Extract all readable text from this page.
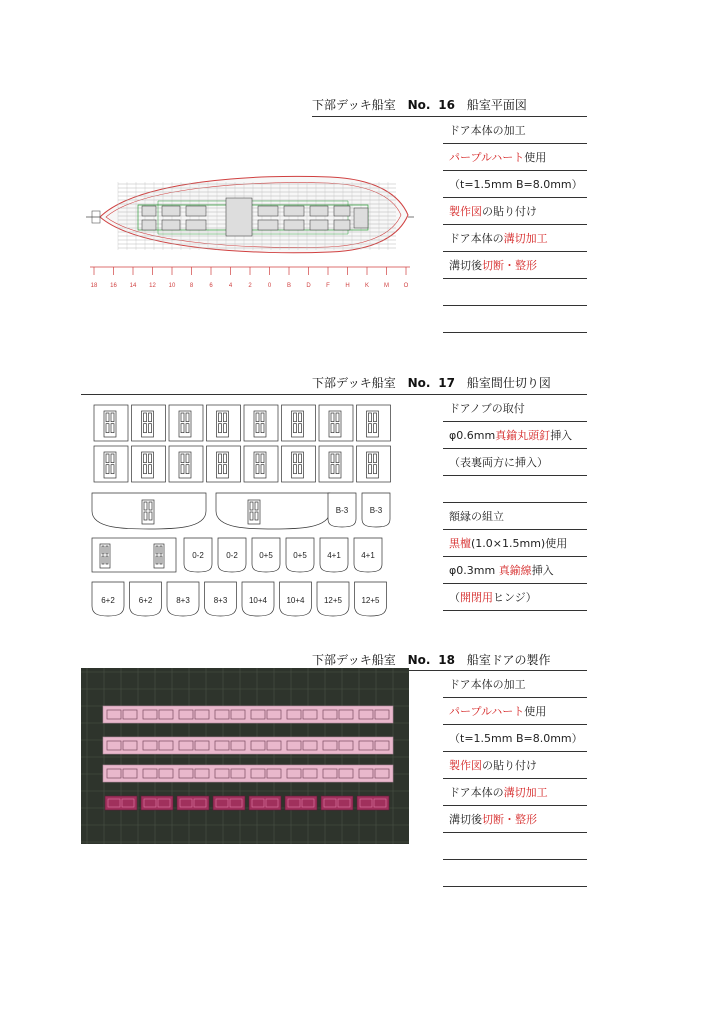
下部デッキ船室 No. 16 船室平面図
ドア本体の加工
パープルハート使用
（t=1.5mm B=8.0mm）
製作図の貼り付け
ドア本体の溝切加工
溝切後切断・整形
18 16 14 12 10 8	6	4	2	0	B	D	F	H	K M O
下部デッキ船室 No. 17 船室間仕切り図
ドアノブの取付
φ0.6mm真鍮丸頭釘挿入
（表裏両方に挿入）
額縁の組立
黒檀(1.0×1.5mm)使用
φ0.3mm 真鍮線挿入
（開閉用ヒンジ）
B-3	B-3
0-2	0-2	0+5	0+5	4+1	4+1
6+2	6+2	8+3	8+3	10+4 10+4 12+5 12+5
下部デッキ船室 No. 18 船室ドアの製作
ドア本体の加工
パープルハート使用
（t=1.5mm B=8.0mm）
製作図の貼り付け
ドア本体の溝切加工
溝切後切断・整形
